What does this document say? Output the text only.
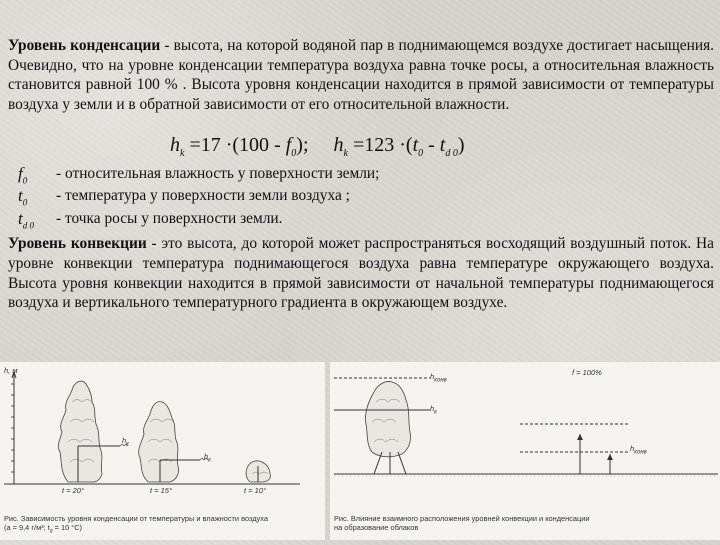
Уровень конденсации - высота, на которой водяной пар в поднимающемся воздухе достигает насыщения. Очевидно, что на уровне конденсации температура воздуха равна точке росы, а относительная влажность становится равной 100 % . Высота уровня конденсации находится в прямой зависимости от температуры воздуха у земли и в обратной зависимости от его относительной влажности.

$h_k =17 \cdot(100 - f_0)$; $h_k =123 \cdot(t_0 - t_{d 0})$
$f_0$ - относительная влажность у поверхности земли;
$t_0$ - температура у поверхности земли воздуха ;
$t_{d 0}$ - точка росы у поверхности земли.

Уровень конвекции - это высота, до которой может распространяться восходящий воздушный поток. На уровне конвекции температура поднимающегося воздуха равна температуре окружающего воздуха. Высота уровня конвекции находится в прямой зависимости от начальной температуры поднимающегося воздуха и вертикального температурного градиента в окружающем воздухе.

h, м
$h_к$
$h_к$
t = 20°	t = 15°	t = 10°
Рис. Зависимость уровня конденсации от температуры и влажности воздуха
(a = 9,4 г/м³; $t_d = 10$ °C)
$h_{конв}$
$h_к$
f = 100%
$h_{конв}$
Рис. Влияние взаимного расположения уровней конвекции и конденсации
на образование облаков
